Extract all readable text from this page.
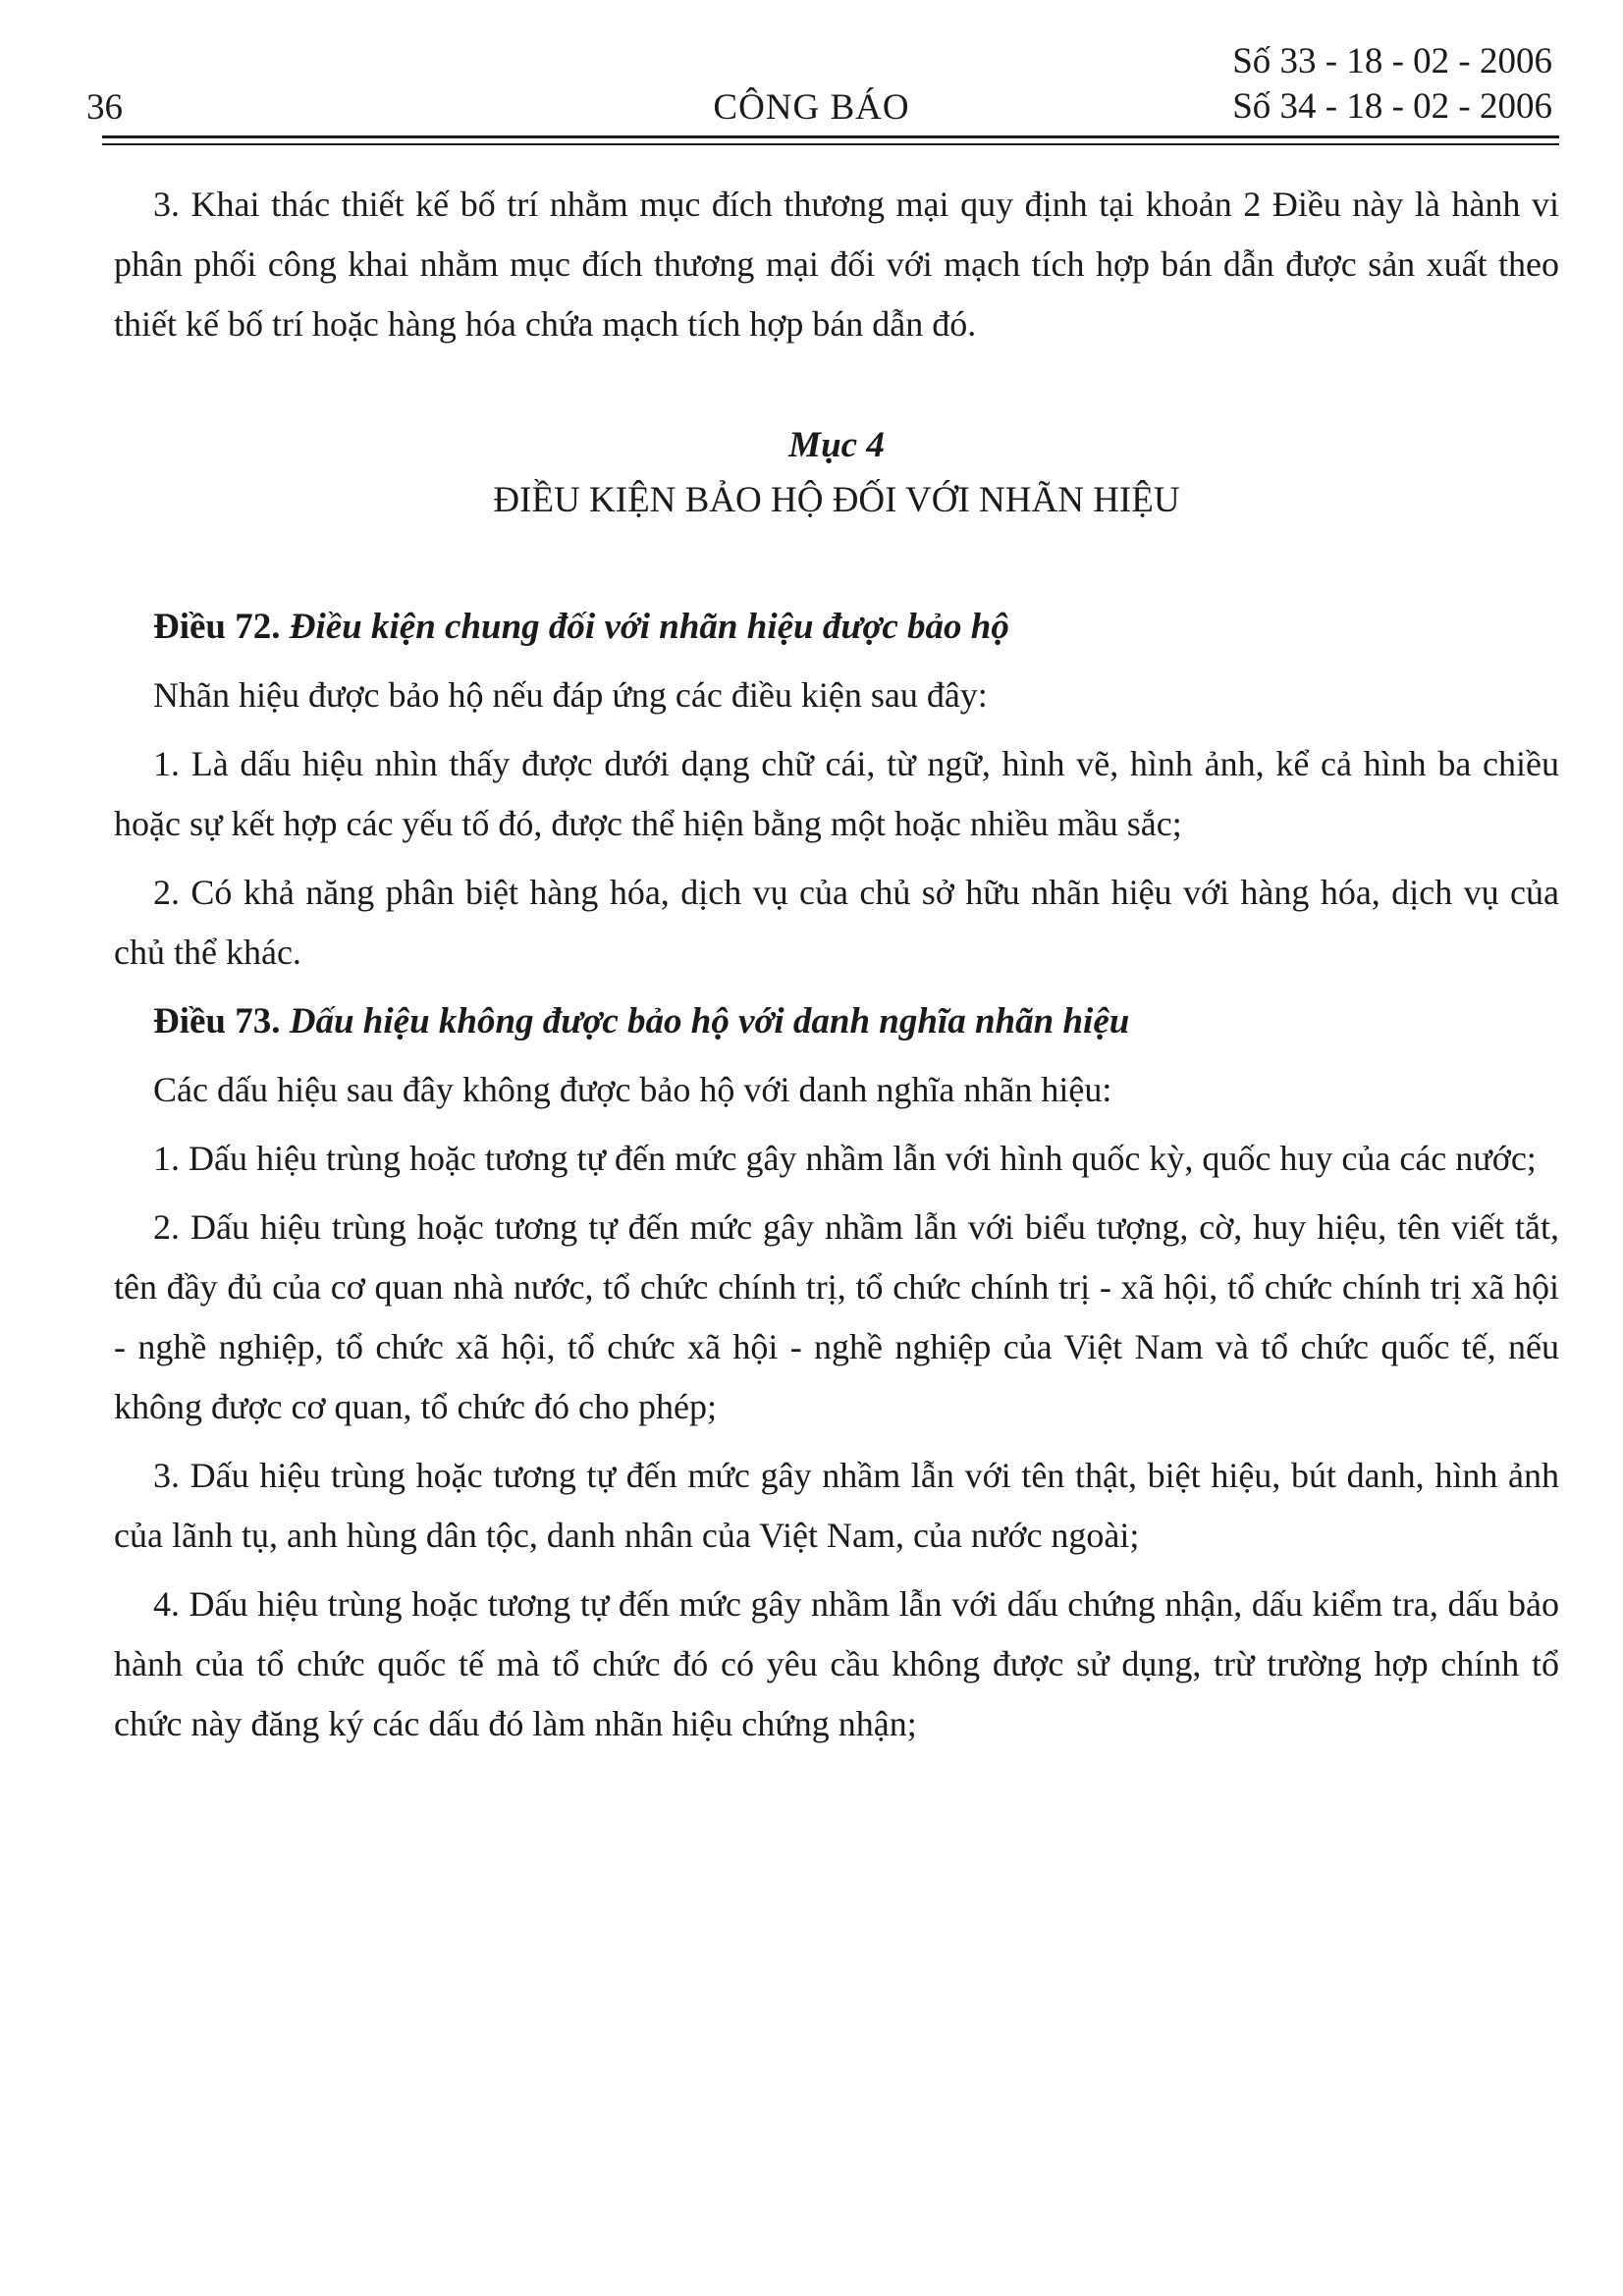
36	CÔNG BÁO
Số 33 - 18 - 02 - 2006
Số 34 - 18 - 02 - 2006

3. Khai thác thiết kế bố trí nhằm mục đích thương mại quy định tại khoản 2 Điều này là hành vi phân phối công khai nhằm mục đích thương mại đối với mạch tích hợp bán dẫn được sản xuất theo thiết kế bố trí hoặc hàng hóa chứa mạch tích hợp bán dẫn đó.

Mục 4

ĐIỀU KIỆN BẢO HỘ ĐỐI VỚI NHÃN HIỆU

Điều 72. Điều kiện chung đối với nhãn hiệu được bảo hộ

Nhãn hiệu được bảo hộ nếu đáp ứng các điều kiện sau đây:

1. Là dấu hiệu nhìn thấy được dưới dạng chữ cái, từ ngữ, hình vẽ, hình ảnh, kể cả hình ba chiều hoặc sự kết hợp các yếu tố đó, được thể hiện bằng một hoặc nhiều mầu sắc;

2. Có khả năng phân biệt hàng hóa, dịch vụ của chủ sở hữu nhãn hiệu với hàng hóa, dịch vụ của chủ thể khác.

Điều 73. Dấu hiệu không được bảo hộ với danh nghĩa nhãn hiệu

Các dấu hiệu sau đây không được bảo hộ với danh nghĩa nhãn hiệu:

1. Dấu hiệu trùng hoặc tương tự đến mức gây nhầm lẫn với hình quốc kỳ, quốc huy của các nước;

2. Dấu hiệu trùng hoặc tương tự đến mức gây nhầm lẫn với biểu tượng, cờ, huy hiệu, tên viết tắt, tên đầy đủ của cơ quan nhà nước, tổ chức chính trị, tổ chức chính trị - xã hội, tổ chức chính trị xã hội - nghề nghiệp, tổ chức xã hội, tổ chức xã hội - nghề nghiệp của Việt Nam và tổ chức quốc tế, nếu không được cơ quan, tổ chức đó cho phép;

3. Dấu hiệu trùng hoặc tương tự đến mức gây nhầm lẫn với tên thật, biệt hiệu, bút danh, hình ảnh của lãnh tụ, anh hùng dân tộc, danh nhân của Việt Nam, của nước ngoài;

4. Dấu hiệu trùng hoặc tương tự đến mức gây nhầm lẫn với dấu chứng nhận, dấu kiểm tra, dấu bảo hành của tổ chức quốc tế mà tổ chức đó có yêu cầu không được sử dụng, trừ trường hợp chính tổ chức này đăng ký các dấu đó làm nhãn hiệu chứng nhận;
